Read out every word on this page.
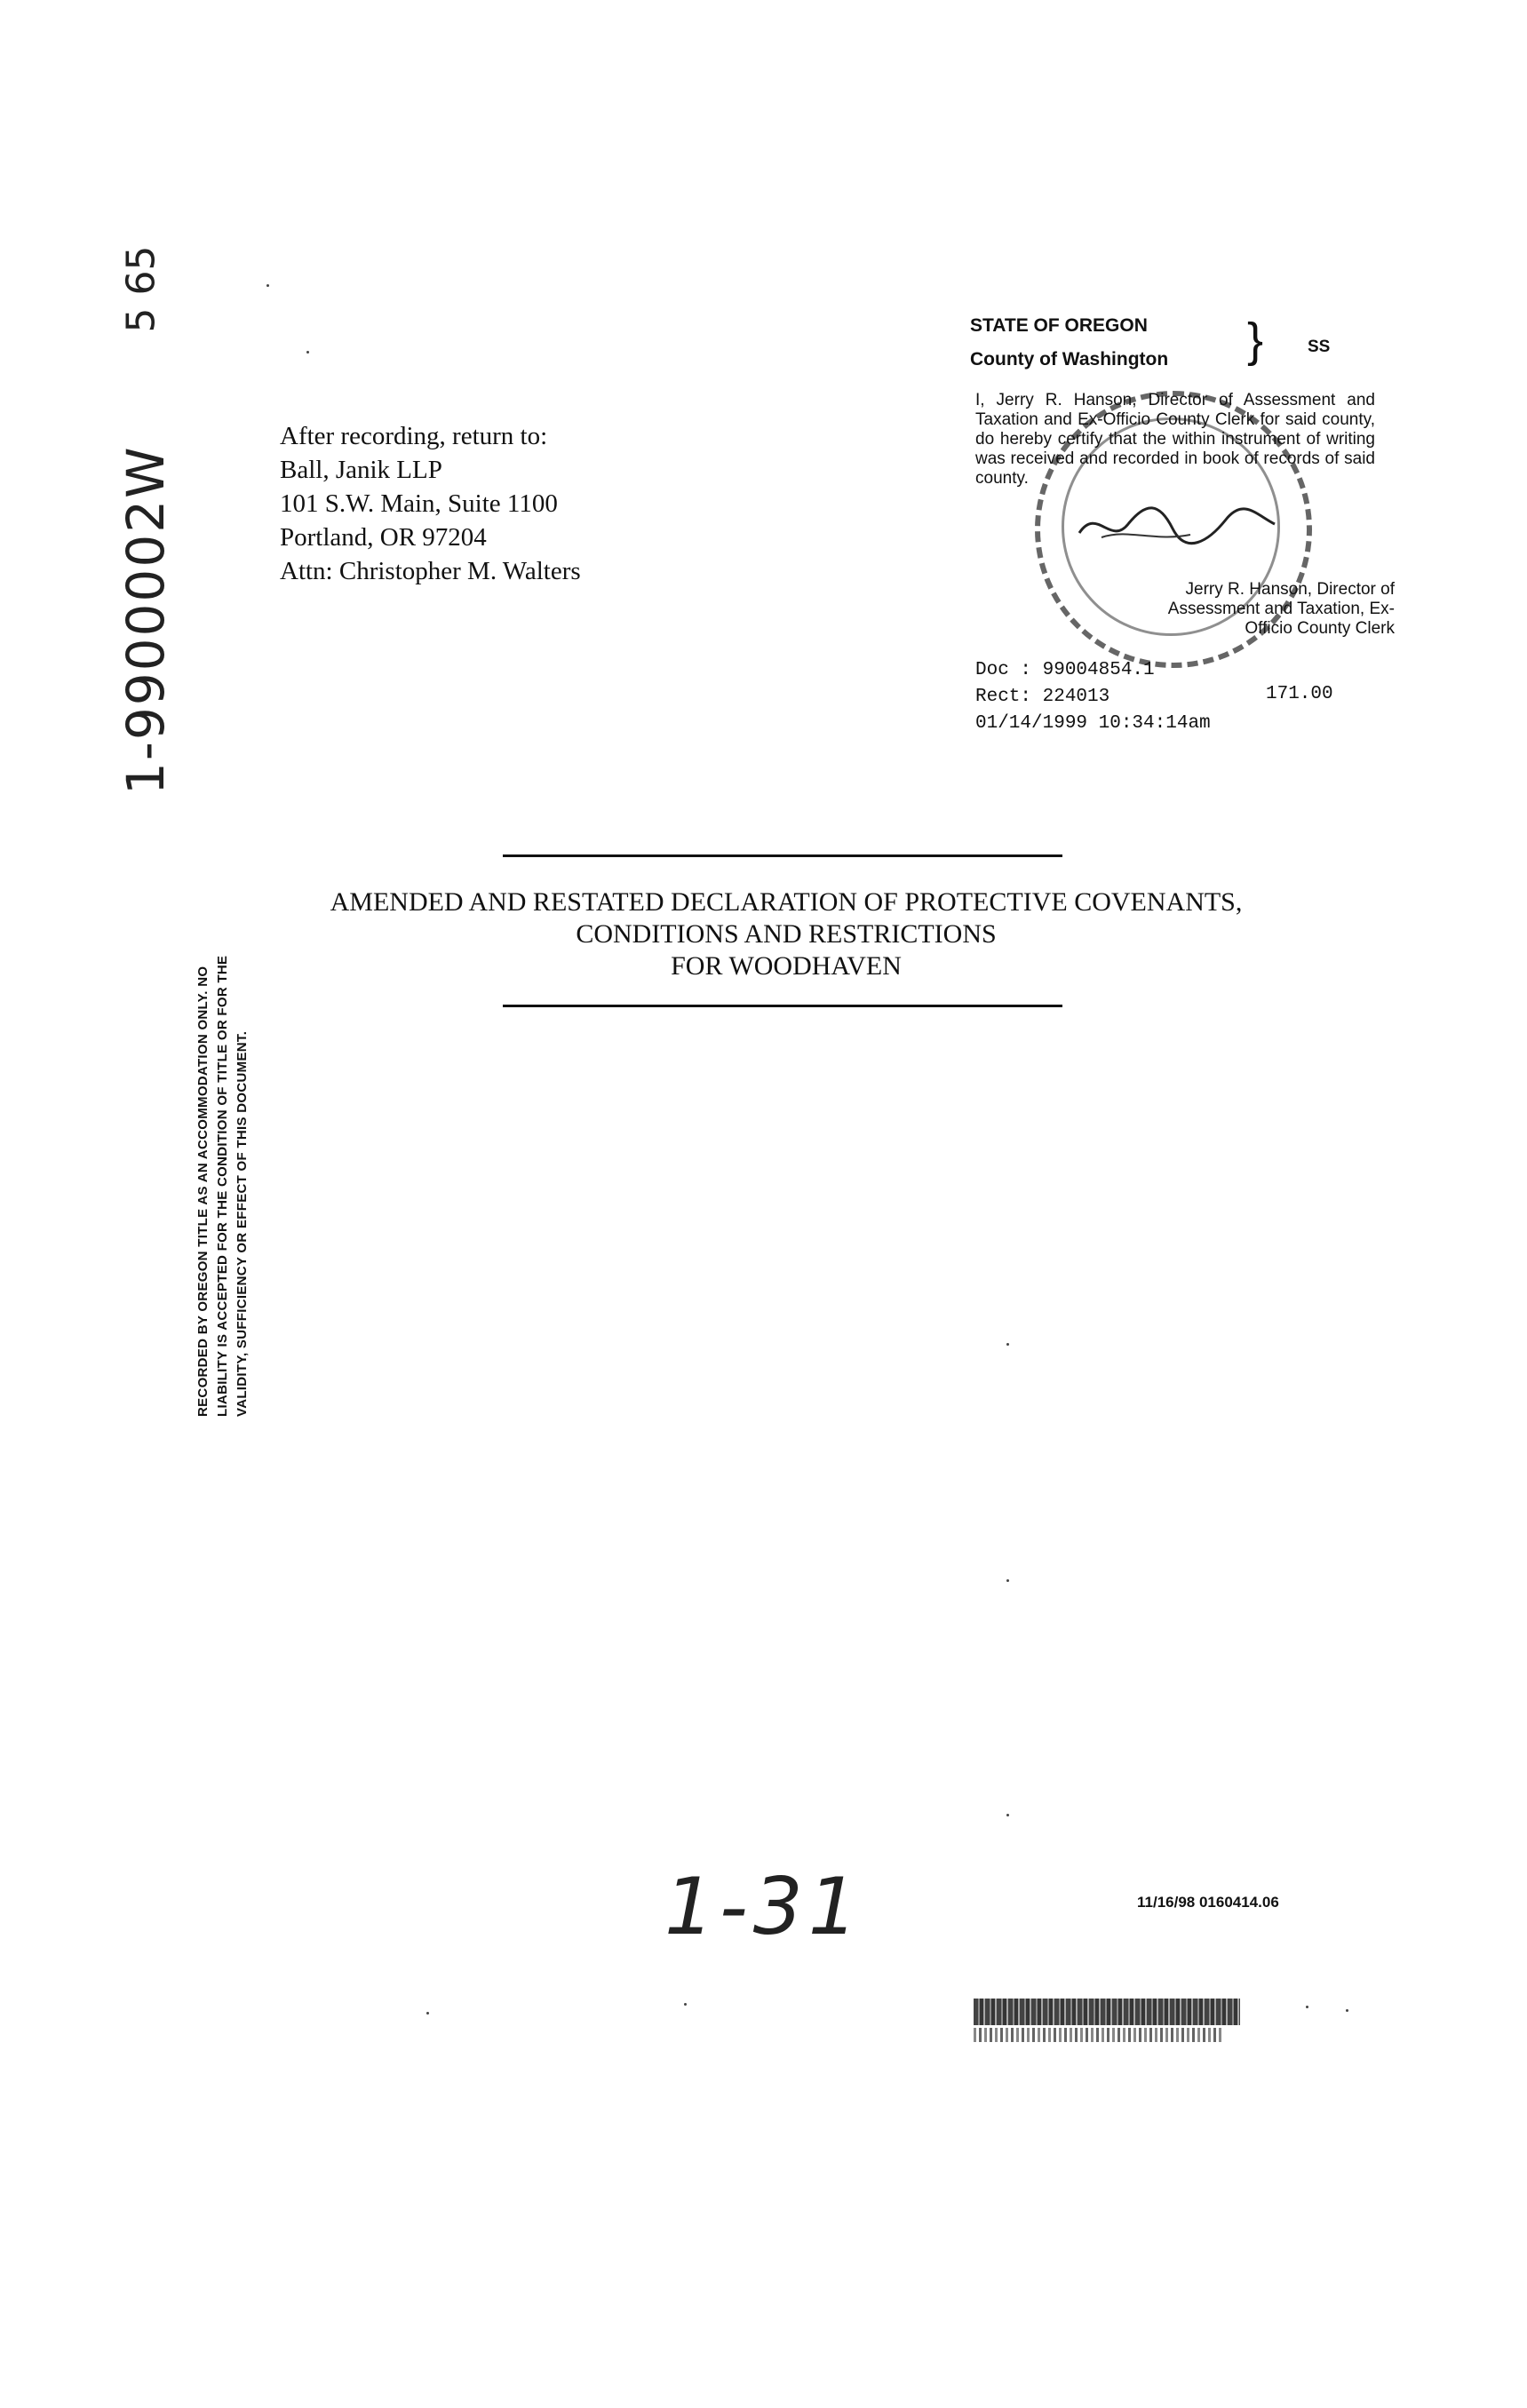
1-9900002W
5 65
After recording, return to:
Ball, Janik LLP
101 S.W. Main, Suite 1100
Portland, OR 97204
Attn: Christopher M. Walters
STATE OF OREGON
County of Washington }	SS
I, Jerry R. Hanson, Director of Assessment and Taxation and Ex-Officio County Clerk for said county, do hereby certify that the within instrument of writing was received and recorded in book of records of said county.
Jerry R. Hanson, Director of
Assessment and Taxation, Ex-
Officio County Clerk
Doc : 99004854.1
Rect: 224013
01/14/1999 10:34:14am
171.00
AMENDED AND RESTATED DECLARATION OF PROTECTIVE COVENANTS,
CONDITIONS AND RESTRICTIONS
FOR WOODHAVEN
RECORDED BY OREGON TITLE AS AN ACCOMMODATION ONLY. NO LIABILITY IS ACCEPTED FOR THE CONDITION OF TITLE OR FOR THE VALIDITY, SUFFICIENCY OR EFFECT OF THIS DOCUMENT.
1-31	11/16/98 0160414.06
